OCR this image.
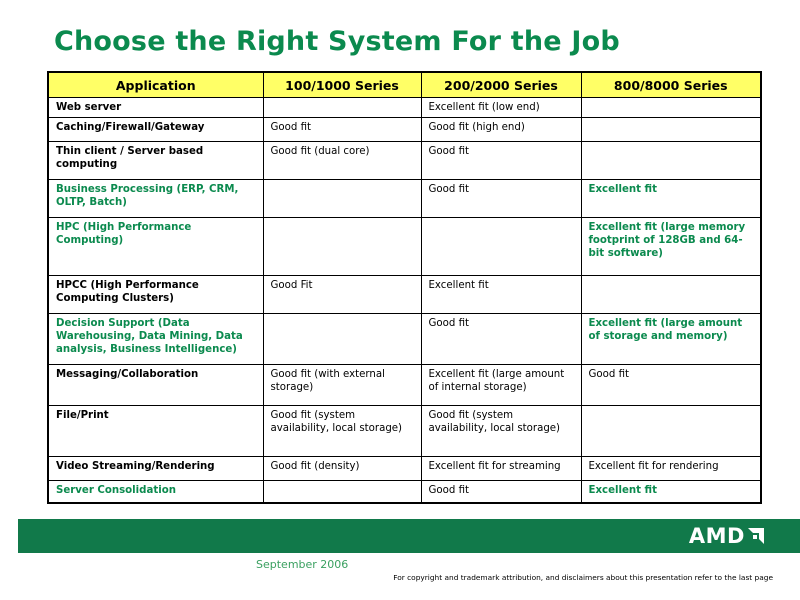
Choose the Right System For the Job
Application	100/1000 Series	200/2000 Series	800/8000 Series
Web server		Excellent fit (low end)	
Caching/Firewall/Gateway	Good fit	Good fit (high end)	
Thin client / Server based computing	Good fit (dual core)	Good fit	
Business Processing (ERP, CRM, OLTP, Batch)		Good fit	Excellent fit
HPC (High Performance Computing)			Excellent fit (large memory footprint of 128GB and 64-bit software)
HPCC (High Performance Computing Clusters)	Good Fit	Excellent fit	
Decision Support (Data Warehousing, Data Mining, Data analysis, Business Intelligence)		Good fit	Excellent fit (large amount of storage and memory)
Messaging/Collaboration	Good fit (with external storage)	Excellent fit (large amount of internal storage)	Good fit
File/Print	Good fit (system availability, local storage)	Good fit (system availability, local storage)	
Video Streaming/Rendering	Good fit (density)	Excellent fit for streaming	Excellent fit for rendering
Server Consolidation		Good fit	Excellent fit
AMD
September 2006
For copyright and trademark attribution, and disclaimers about this presentation refer to the last page
